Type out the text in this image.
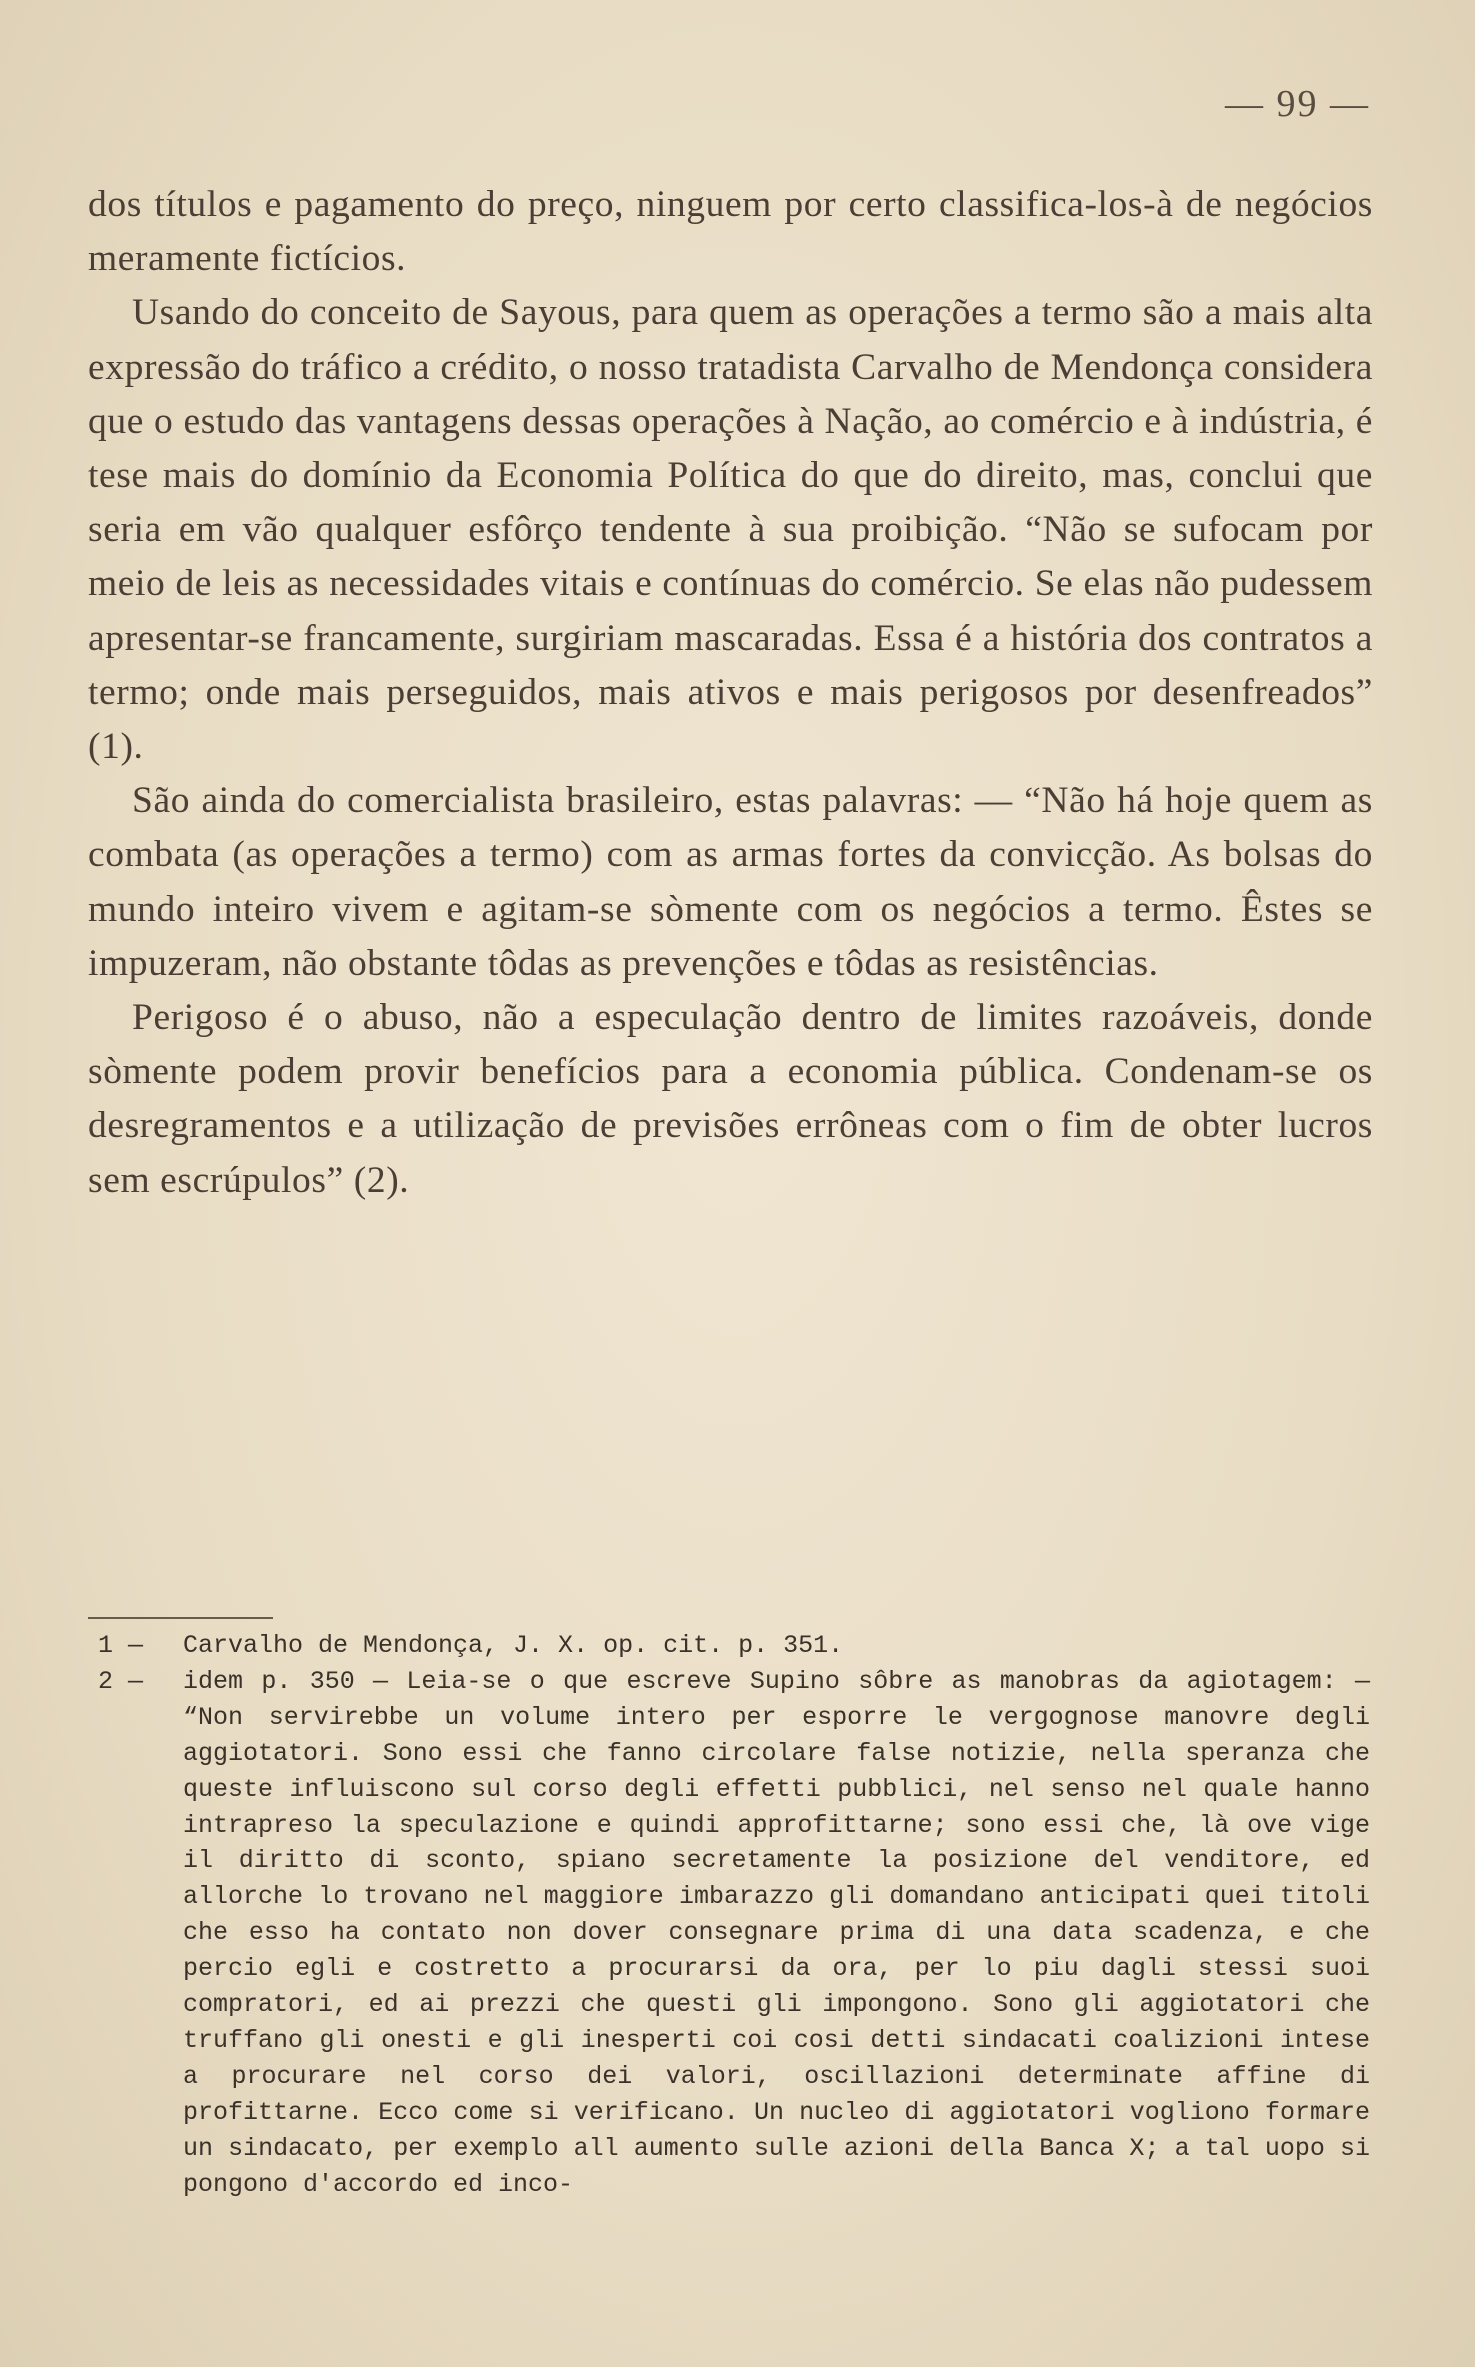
— 99 —

dos títulos e pagamento do preço, ninguem por certo classifica-los-à de negócios meramente fictícios.

Usando do conceito de Sayous, para quem as operações a termo são a mais alta expressão do tráfico a crédito, o nosso tratadista Carvalho de Mendonça considera que o estudo das vantagens dessas operações à Nação, ao comércio e à indústria, é tese mais do domínio da Economia Política do que do direito, mas, conclui que seria em vão qualquer esfôrço tendente à sua proibição. “Não se sufocam por meio de leis as necessidades vitais e contínuas do comércio. Se elas não pudessem apresentar-se francamente, surgiriam mascaradas. Essa é a história dos contratos a termo; onde mais perseguidos, mais ativos e mais perigosos por desenfreados” (1).

São ainda do comercialista brasileiro, estas palavras: — “Não há hoje quem as combata (as operações a termo) com as armas fortes da convicção. As bolsas do mundo inteiro vivem e agitam-se sòmente com os negócios a termo. Êstes se impuzeram, não obstante tôdas as prevenções e tôdas as resistências.

Perigoso é o abuso, não a especulação dentro de limites razoáveis, donde sòmente podem provir benefícios para a economia pública. Condenam-se os desregramentos e a utilização de previsões errôneas com o fim de obter lucros sem escrúpulos” (2).

1 —	Carvalho de Mendonça, J. X. op. cit. p. 351.
2 —	idem p. 350 — Leia-se o que escreve Supino sôbre as manobras da agiotagem: — “Non servirebbe un volume intero per esporre le vergognose manovre degli aggiotatori. Sono essi che fanno circolare false notizie, nella speranza che queste influiscono sul corso degli effetti pubblici, nel senso nel quale hanno intrapreso la speculazione e quindi approfittarne; sono essi che, là ove vige il diritto di sconto, spiano secretamente la posizione del venditore, ed allorche lo trovano nel maggiore imbarazzo gli domandano anticipati quei titoli che esso ha contato non dover consegnare prima di una data scadenza, e che percio egli e costretto a procurarsi da ora, per lo piu dagli stessi suoi compratori, ed ai prezzi che questi gli impongono. Sono gli aggiotatori che truffano gli onesti e gli inesperti coi cosi detti sindacati coalizioni intese a procurare nel corso dei valori, oscillazioni determinate affine di profittarne. Ecco come si verificano. Un nucleo di aggiotatori vogliono formare un sindacato, per exemplo all aumento sulle azioni della Banca X; a tal uopo si pongono d'accordo ed inco-
